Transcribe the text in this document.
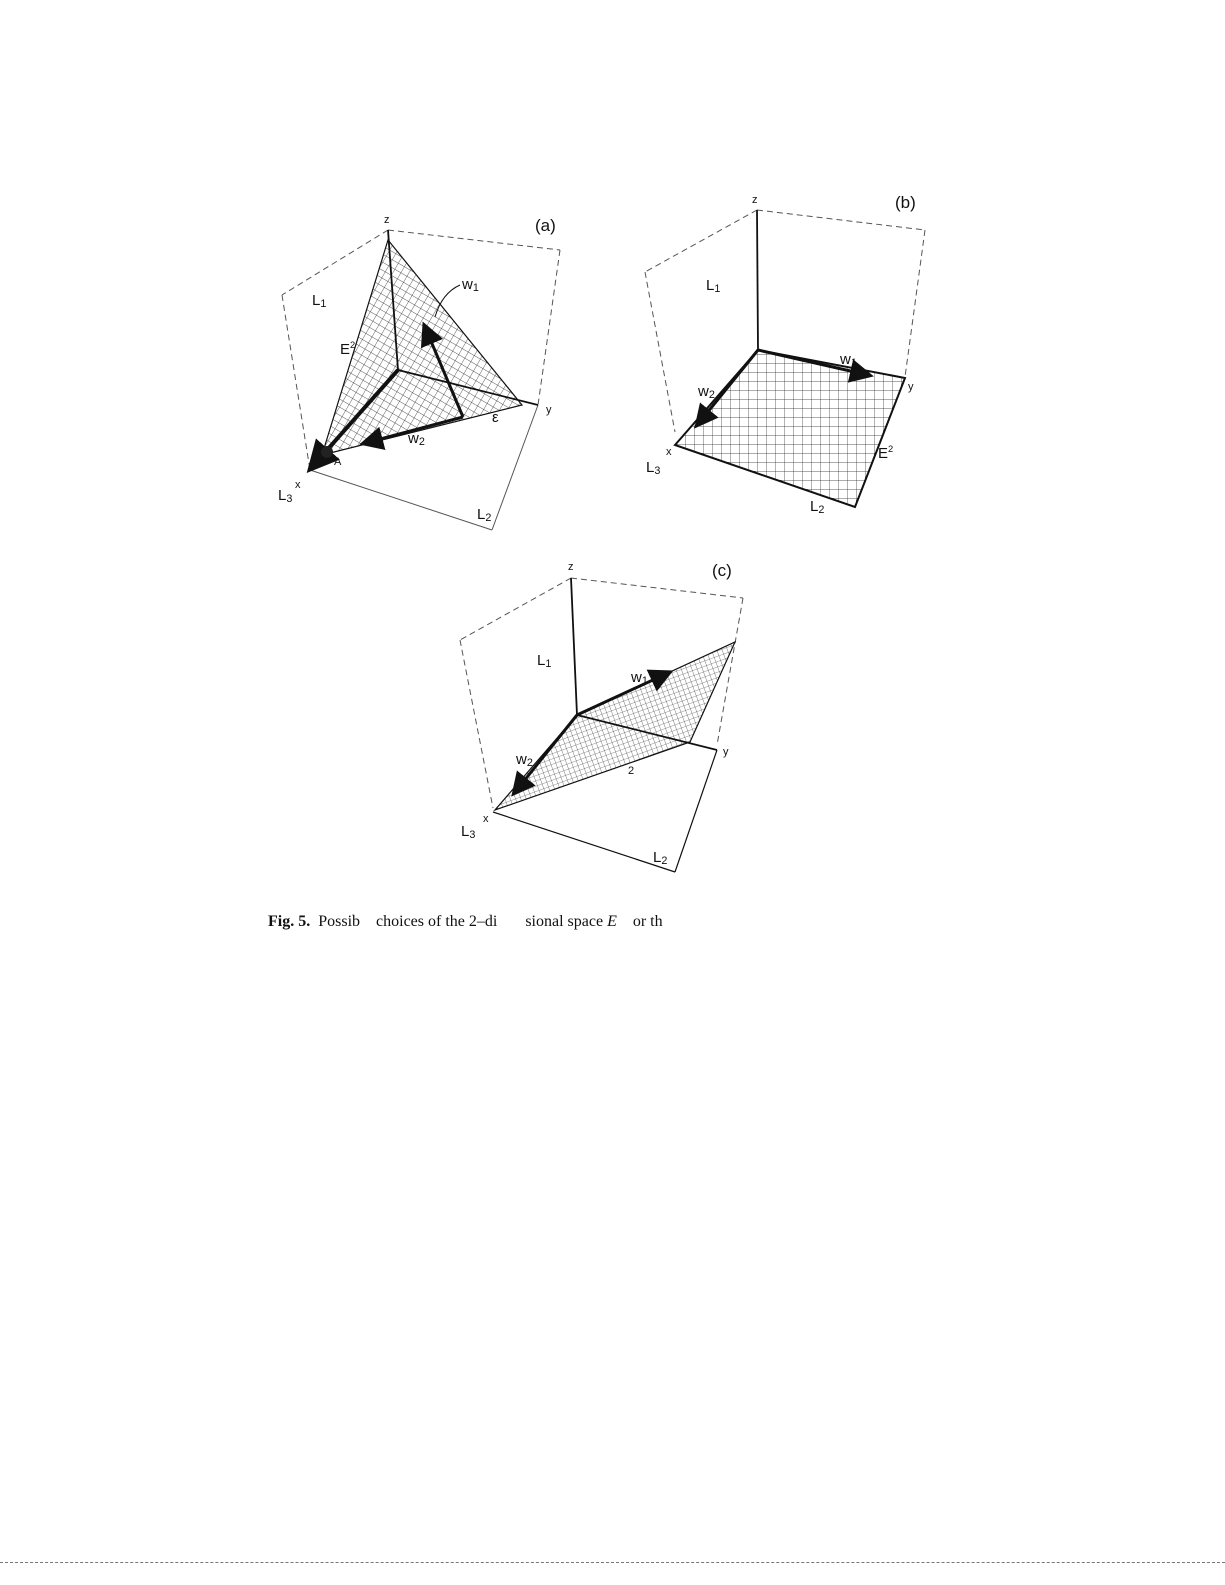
(a)
z
y
x
L1
L2
L3
$E^2$
w1
w2
ε
A
(b)
z
y
x
L1
L2
L3
$E^2$
w1
w2
(c)
z
y
x
L1
L2
L3
2
w1
w2
Fig. 5. Possib    choices of the 2–di       sional space E    or th
